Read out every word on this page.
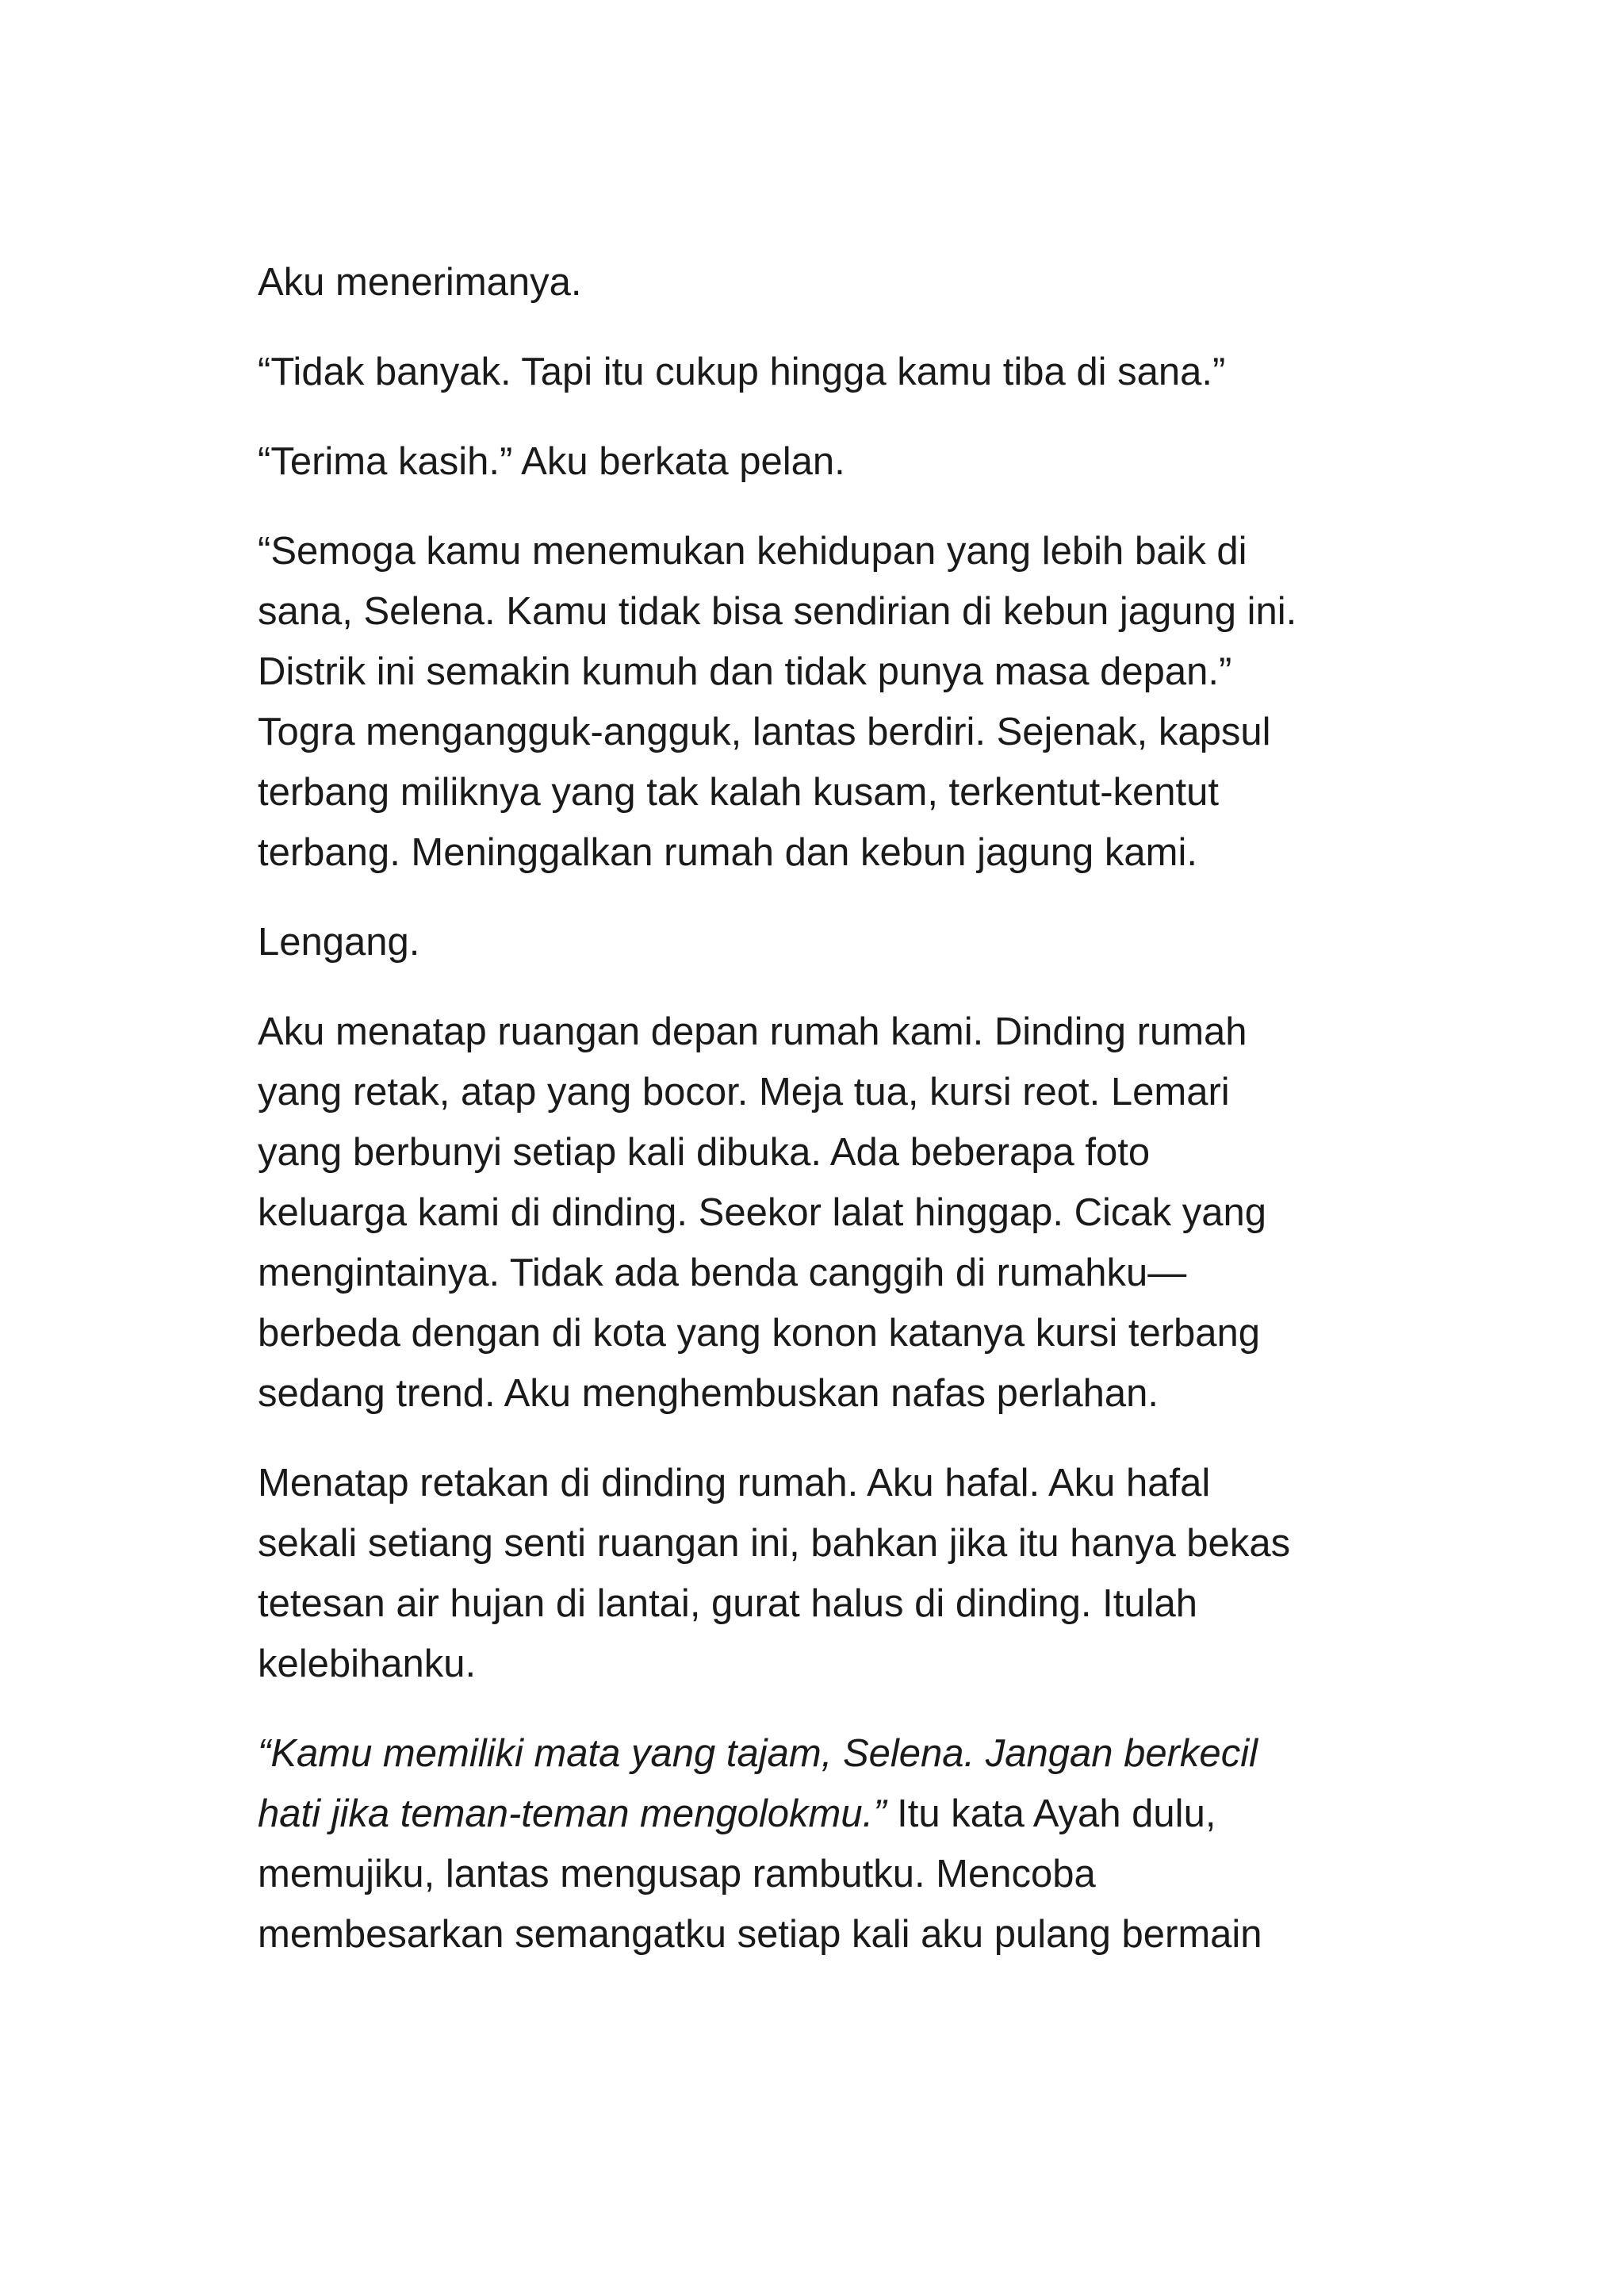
Aku menerimanya.

“Tidak banyak. Tapi itu cukup hingga kamu tiba di sana.”

“Terima kasih.” Aku berkata pelan.

“Semoga kamu menemukan kehidupan yang lebih baik di
sana, Selena. Kamu tidak bisa sendirian di kebun jagung ini.
Distrik ini semakin kumuh dan tidak punya masa depan.”
Togra mengangguk-angguk, lantas berdiri. Sejenak, kapsul
terbang miliknya yang tak kalah kusam, terkentut-kentut
terbang. Meninggalkan rumah dan kebun jagung kami.

Lengang.

Aku menatap ruangan depan rumah kami. Dinding rumah
yang retak, atap yang bocor. Meja tua, kursi reot. Lemari
yang berbunyi setiap kali dibuka. Ada beberapa foto
keluarga kami di dinding. Seekor lalat hinggap. Cicak yang
mengintainya. Tidak ada benda canggih di rumahku—
berbeda dengan di kota yang konon katanya kursi terbang
sedang trend. Aku menghembuskan nafas perlahan.

Menatap retakan di dinding rumah. Aku hafal. Aku hafal
sekali setiang senti ruangan ini, bahkan jika itu hanya bekas
tetesan air hujan di lantai, gurat halus di dinding. Itulah
kelebihanku.

“Kamu memiliki mata yang tajam, Selena. Jangan berkecil
hati jika teman-teman mengolokmu.” Itu kata Ayah dulu,
memujiku, lantas mengusap rambutku. Mencoba
membesarkan semangatku setiap kali aku pulang bermain
